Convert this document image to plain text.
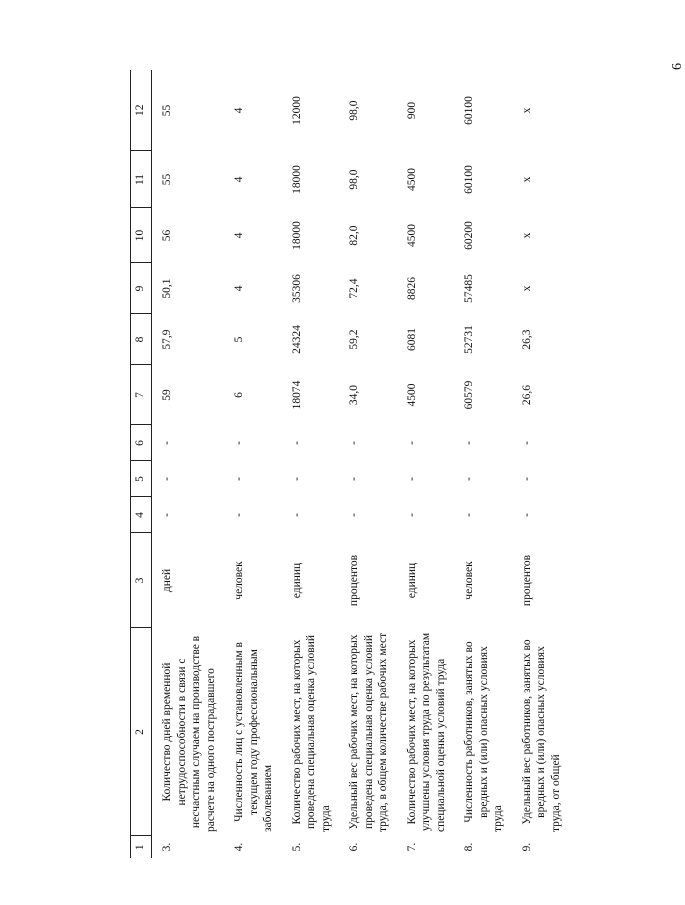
6
1	2	3	4	5	6	7	8	9	10	11	12
3.	Количество дней временной нетрудоспособности в связи с несчастным случаем на производстве в расчете на одного пострадавшего	дней	-	-	-	59	57,9	50,1	56	55	55
4.	Численность лиц с установленным в текущем году профессиональным заболеванием	человек	-	-	-	6	5	4	4	4	4
5.	Количество рабочих мест, на которых проведена специальная оценка условий труда	единиц	-	-	-	18074	24324	35306	18000	18000	12000
6.	Удельный вес рабочих мест, на которых проведена специальная оценка условий труда, в общем количестве рабочих мест	процентов	-	-	-	34,0	59,2	72,4	82,0	98,0	98,0
7.	Количество рабочих мест, на которых улучшены условия труда по результатам специальной оценки условий труда	единиц	-	-	-	4500	6081	8826	4500	4500	900
8.	Численность работников, занятых во вредных и (или) опасных условиях труда	человек	-	-	-	60579	52731	57485	60200	60100	60100
9.	Удельный вес работников, занятых во вредных и (или) опасных условиях труда, от общей	процентов	-	-	-	26,6	26,3	x	x	x	x
